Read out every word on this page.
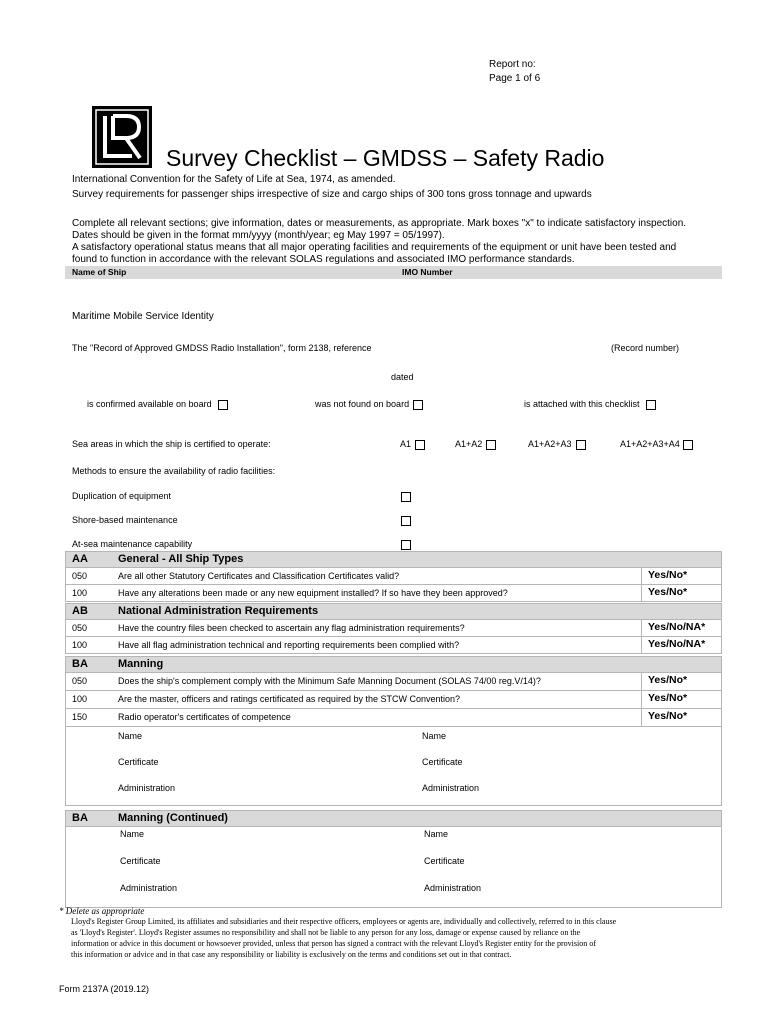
Report no:
Page 1 of 6
Survey Checklist – GMDSS – Safety Radio
International Convention for the Safety of Life at Sea, 1974, as amended.
Survey requirements for passenger ships irrespective of size and cargo ships of 300 tons gross tonnage and upwards
Complete all relevant sections; give information, dates or measurements, as appropriate. Mark boxes "x" to indicate satisfactory inspection.
Dates should be given in the format mm/yyyy (month/year; eg May 1997 = 05/1997).
A satisfactory operational status means that all major operating facilities and requirements of the equipment or unit have been tested and
found to function in accordance with the relevant SOLAS regulations and associated IMO performance standards.
Name of Ship	IMO Number
Maritime Mobile Service Identity
The "Record of Approved GMDSS Radio Installation", form 2138, reference	(Record number)
dated
is confirmed available on board	was not found on board	is attached with this checklist
Sea areas in which the ship is certified to operate:	A1	A1+A2	A1+A2+A3	A1+A2+A3+A4
Methods to ensure the availability of radio facilities:
Duplication of equipment
Shore-based maintenance
At-sea maintenance capability
AA	General - All Ship Types
050	Are all other Statutory Certificates and Classification Certificates valid?	Yes/No*
100	Have any alterations been made or any new equipment installed? If so have they been approved?	Yes/No*
AB	National Administration Requirements
050	Have the country files been checked to ascertain any flag administration requirements?	Yes/No/NA*
100	Have all flag administration technical and reporting requirements been complied with?	Yes/No/NA*
BA	Manning
050	Does the ship's complement comply with the Minimum Safe Manning Document (SOLAS 74/00 reg.V/14)?	Yes/No*
100	Are the master, officers and ratings certificated as required by the STCW Convention?	Yes/No*
150	Radio operator's certificates of competence	Yes/No*
Name	Name
Certificate	Certificate
Administration	Administration
BA	Manning (Continued)
Name	Name
Certificate	Certificate
Administration	Administration
* Delete as appropriate
Lloyd's Register Group Limited, its affiliates and subsidiaries and their respective officers, employees or agents are, individually and collectively, referred to in this clause
as 'Lloyd's Register'. Lloyd's Register assumes no responsibility and shall not be liable to any person for any loss, damage or expense caused by reliance on the
information or advice in this document or howsoever provided, unless that person has signed a contract with the relevant Lloyd's Register entity for the provision of
this information or advice and in that case any responsibility or liability is exclusively on the terms and conditions set out in that contract.
Form 2137A (2019.12)
